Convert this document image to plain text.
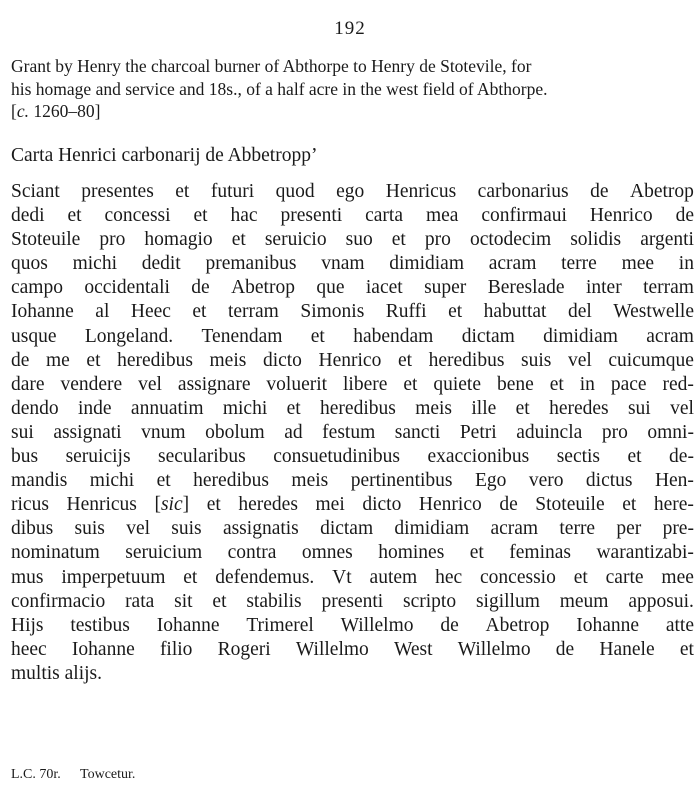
192
Grant by Henry the charcoal burner of Abthorpe to Henry de Stotevile, for
his homage and service and 18s., of a half acre in the west field of Abthorpe.
[c. 1260–80]
Carta Henrici carbonarij de Abbetropp’
Sciant presentes et futuri quod ego Henricus carbonarius de Abetrop
dedi et concessi et hac presenti carta mea confirmaui Henrico de
Stoteuile pro homagio et seruicio suo et pro octodecim solidis argenti
quos michi dedit premanibus vnam dimidiam acram terre mee in
campo occidentali de Abetrop que iacet super Bereslade inter terram
Iohanne al Heec et terram Simonis Ruffi et habuttat del Westwelle
usque Longeland. Tenendam et habendam dictam dimidiam acram
de me et heredibus meis dicto Henrico et heredibus suis vel cuicumque
dare vendere vel assignare voluerit libere et quiete bene et in pace red-
dendo inde annuatim michi et heredibus meis ille et heredes sui vel
sui assignati vnum obolum ad festum sancti Petri aduincla pro omni-
bus seruicijs secularibus consuetudinibus exaccionibus sectis et de-
mandis michi et heredibus meis pertinentibus Ego vero dictus Hen-
ricus Henricus [sic] et heredes mei dicto Henrico de Stoteuile et here-
dibus suis vel suis assignatis dictam dimidiam acram terre per pre-
nominatum seruicium contra omnes homines et feminas warantizabi-
mus imperpetuum et defendemus. Vt autem hec concessio et carte mee
confirmacio rata sit et stabilis presenti scripto sigillum meum apposui.
Hijs testibus Iohanne Trimerel Willelmo de Abetrop Iohanne atte
heec Iohanne filio Rogeri Willelmo West Willelmo de Hanele et
multis alijs.
L.C. 70r. Towcetur.
